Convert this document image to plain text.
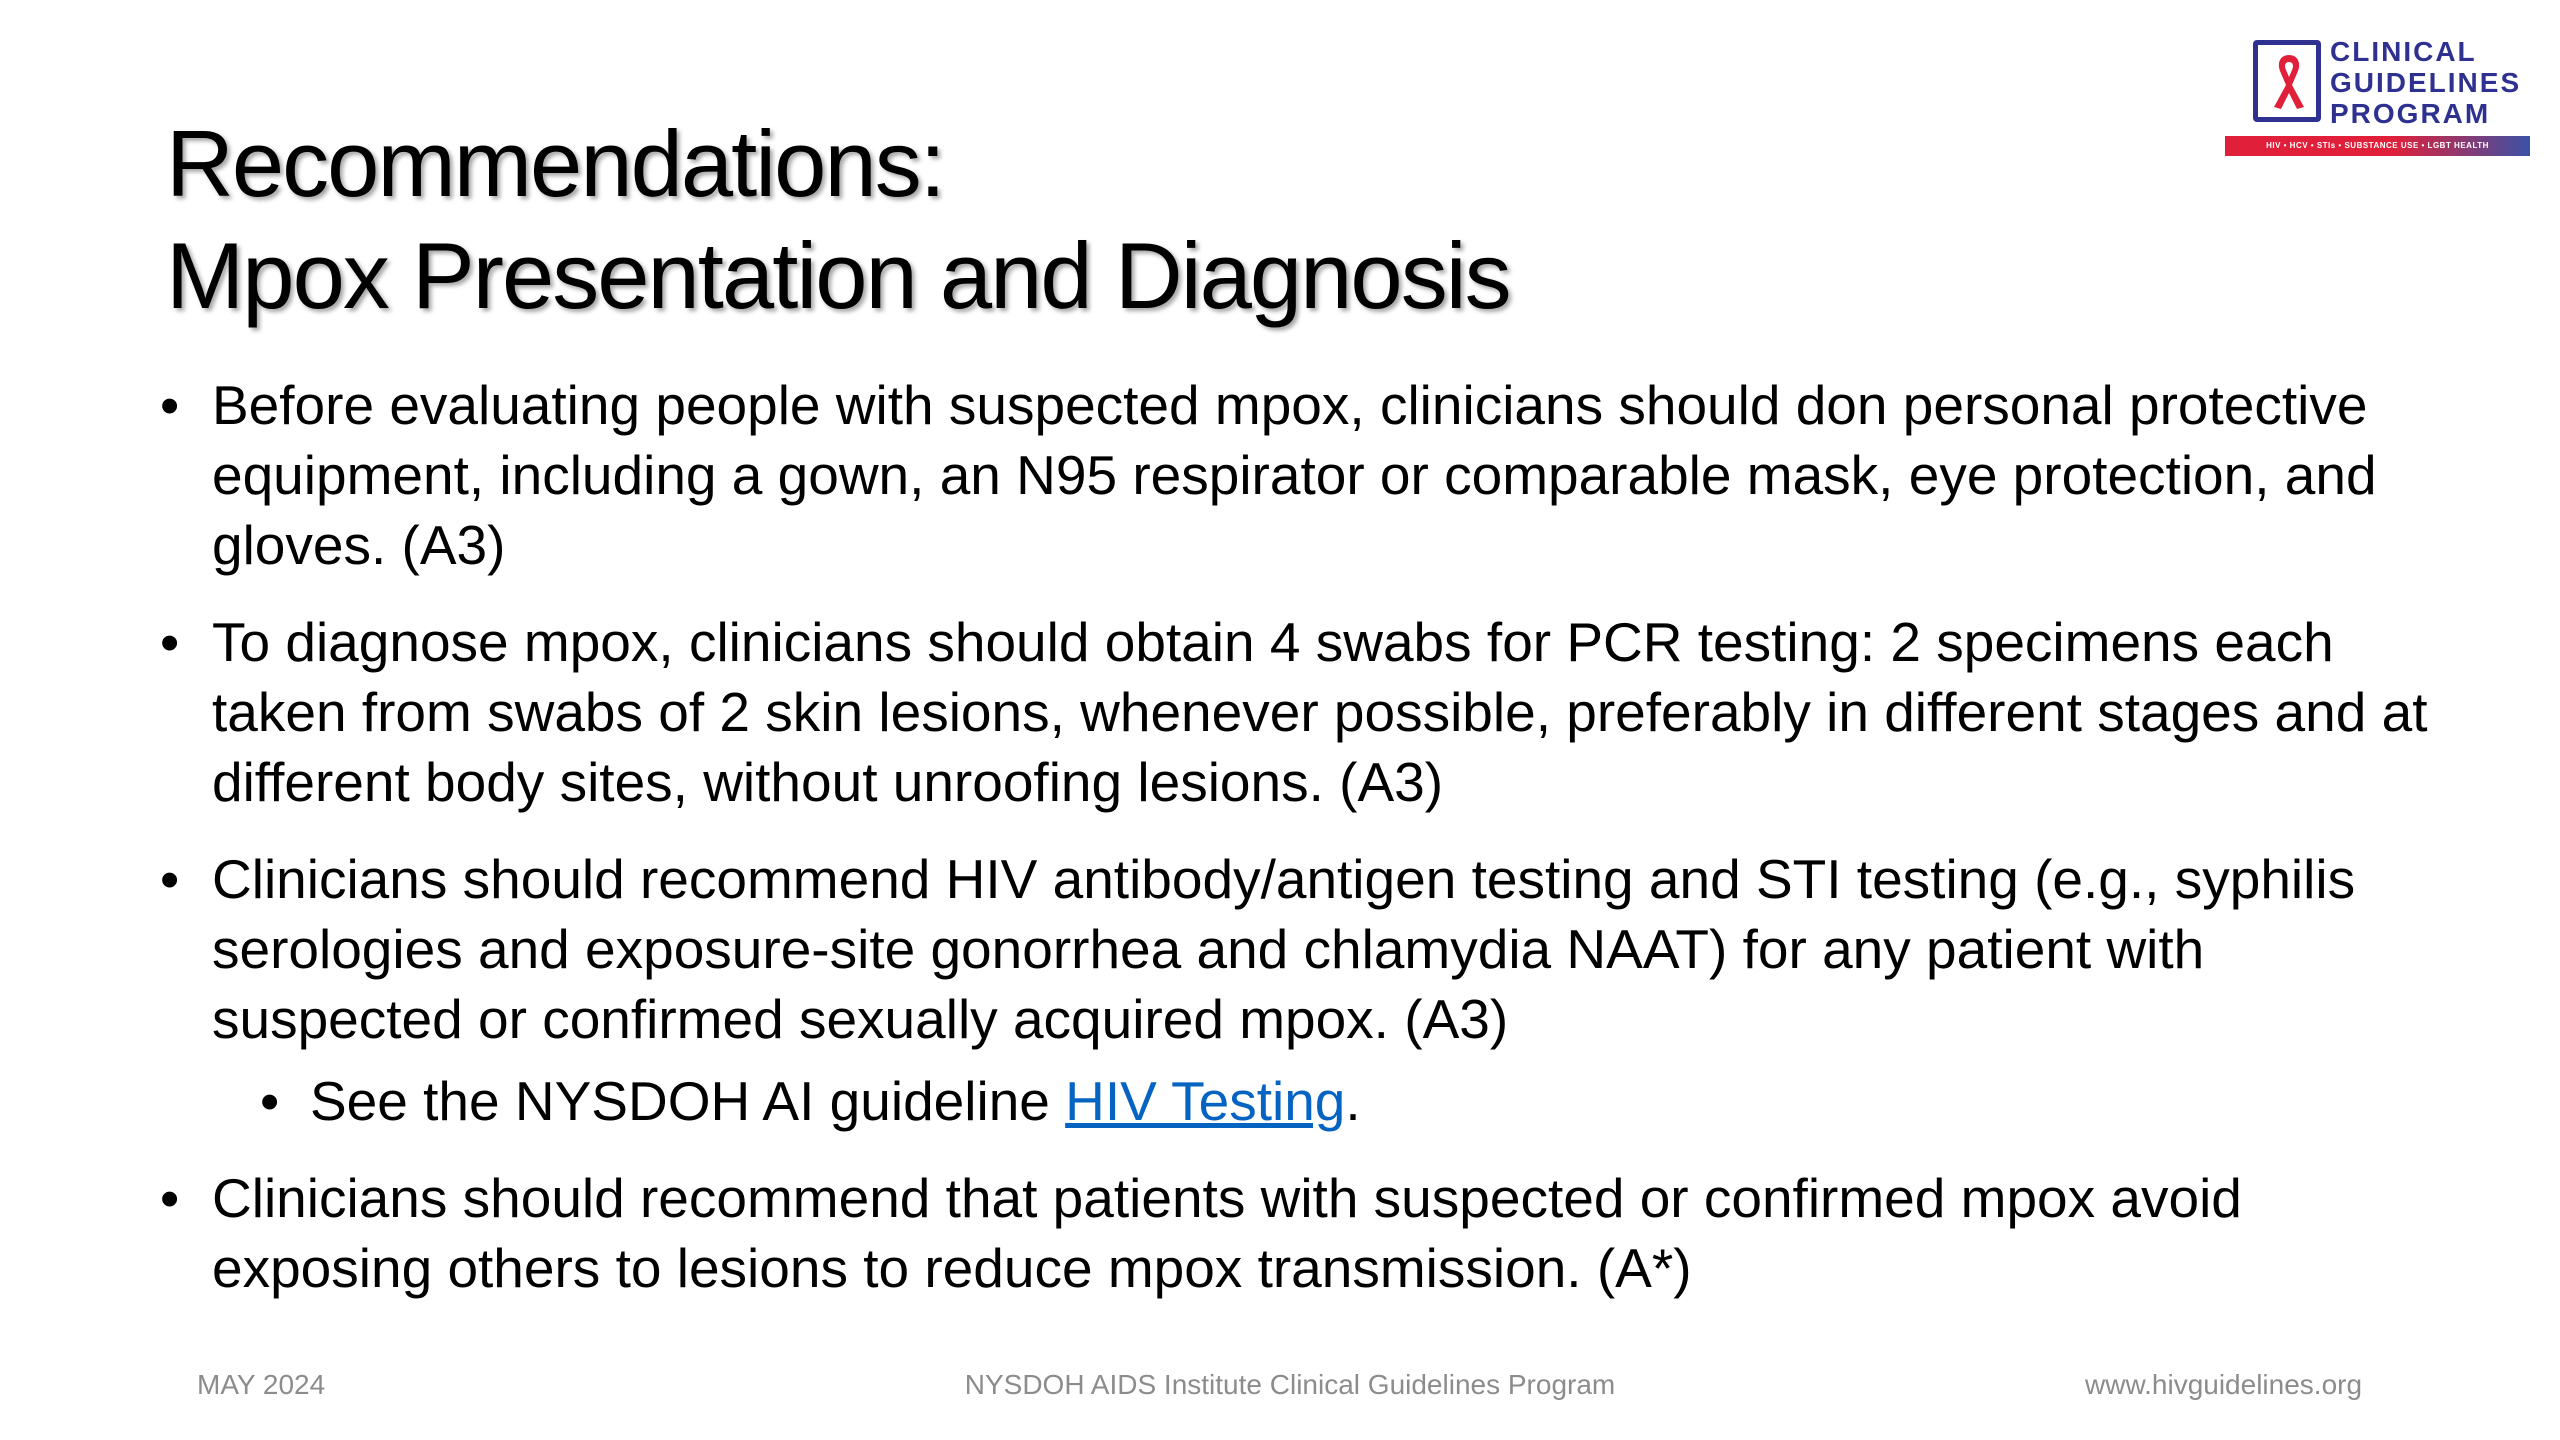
Recommendations:
Mpox Presentation and Diagnosis
CLINICAL
GUIDELINES
PROGRAM
HIV • HCV • STIs • SUBSTANCE USE • LGBT HEALTH
• Before evaluating people with suspected mpox, clinicians should don personal protective equipment, including a gown, an N95 respirator or comparable mask, eye protection, and gloves. (A3)
• To diagnose mpox, clinicians should obtain 4 swabs for PCR testing: 2 specimens each taken from swabs of 2 skin lesions, whenever possible, preferably in different stages and at different body sites, without unroofing lesions. (A3)
• Clinicians should recommend HIV antibody/antigen testing and STI testing (e.g., syphilis serologies and exposure-site gonorrhea and chlamydia NAAT) for any patient with suspected or confirmed sexually acquired mpox. (A3)
• See the NYSDOH AI guideline HIV Testing.
• Clinicians should recommend that patients with suspected or confirmed mpox avoid exposing others to lesions to reduce mpox transmission. (A*)
MAY 2024	NYSDOH AIDS Institute Clinical Guidelines Program	www.hivguidelines.org
